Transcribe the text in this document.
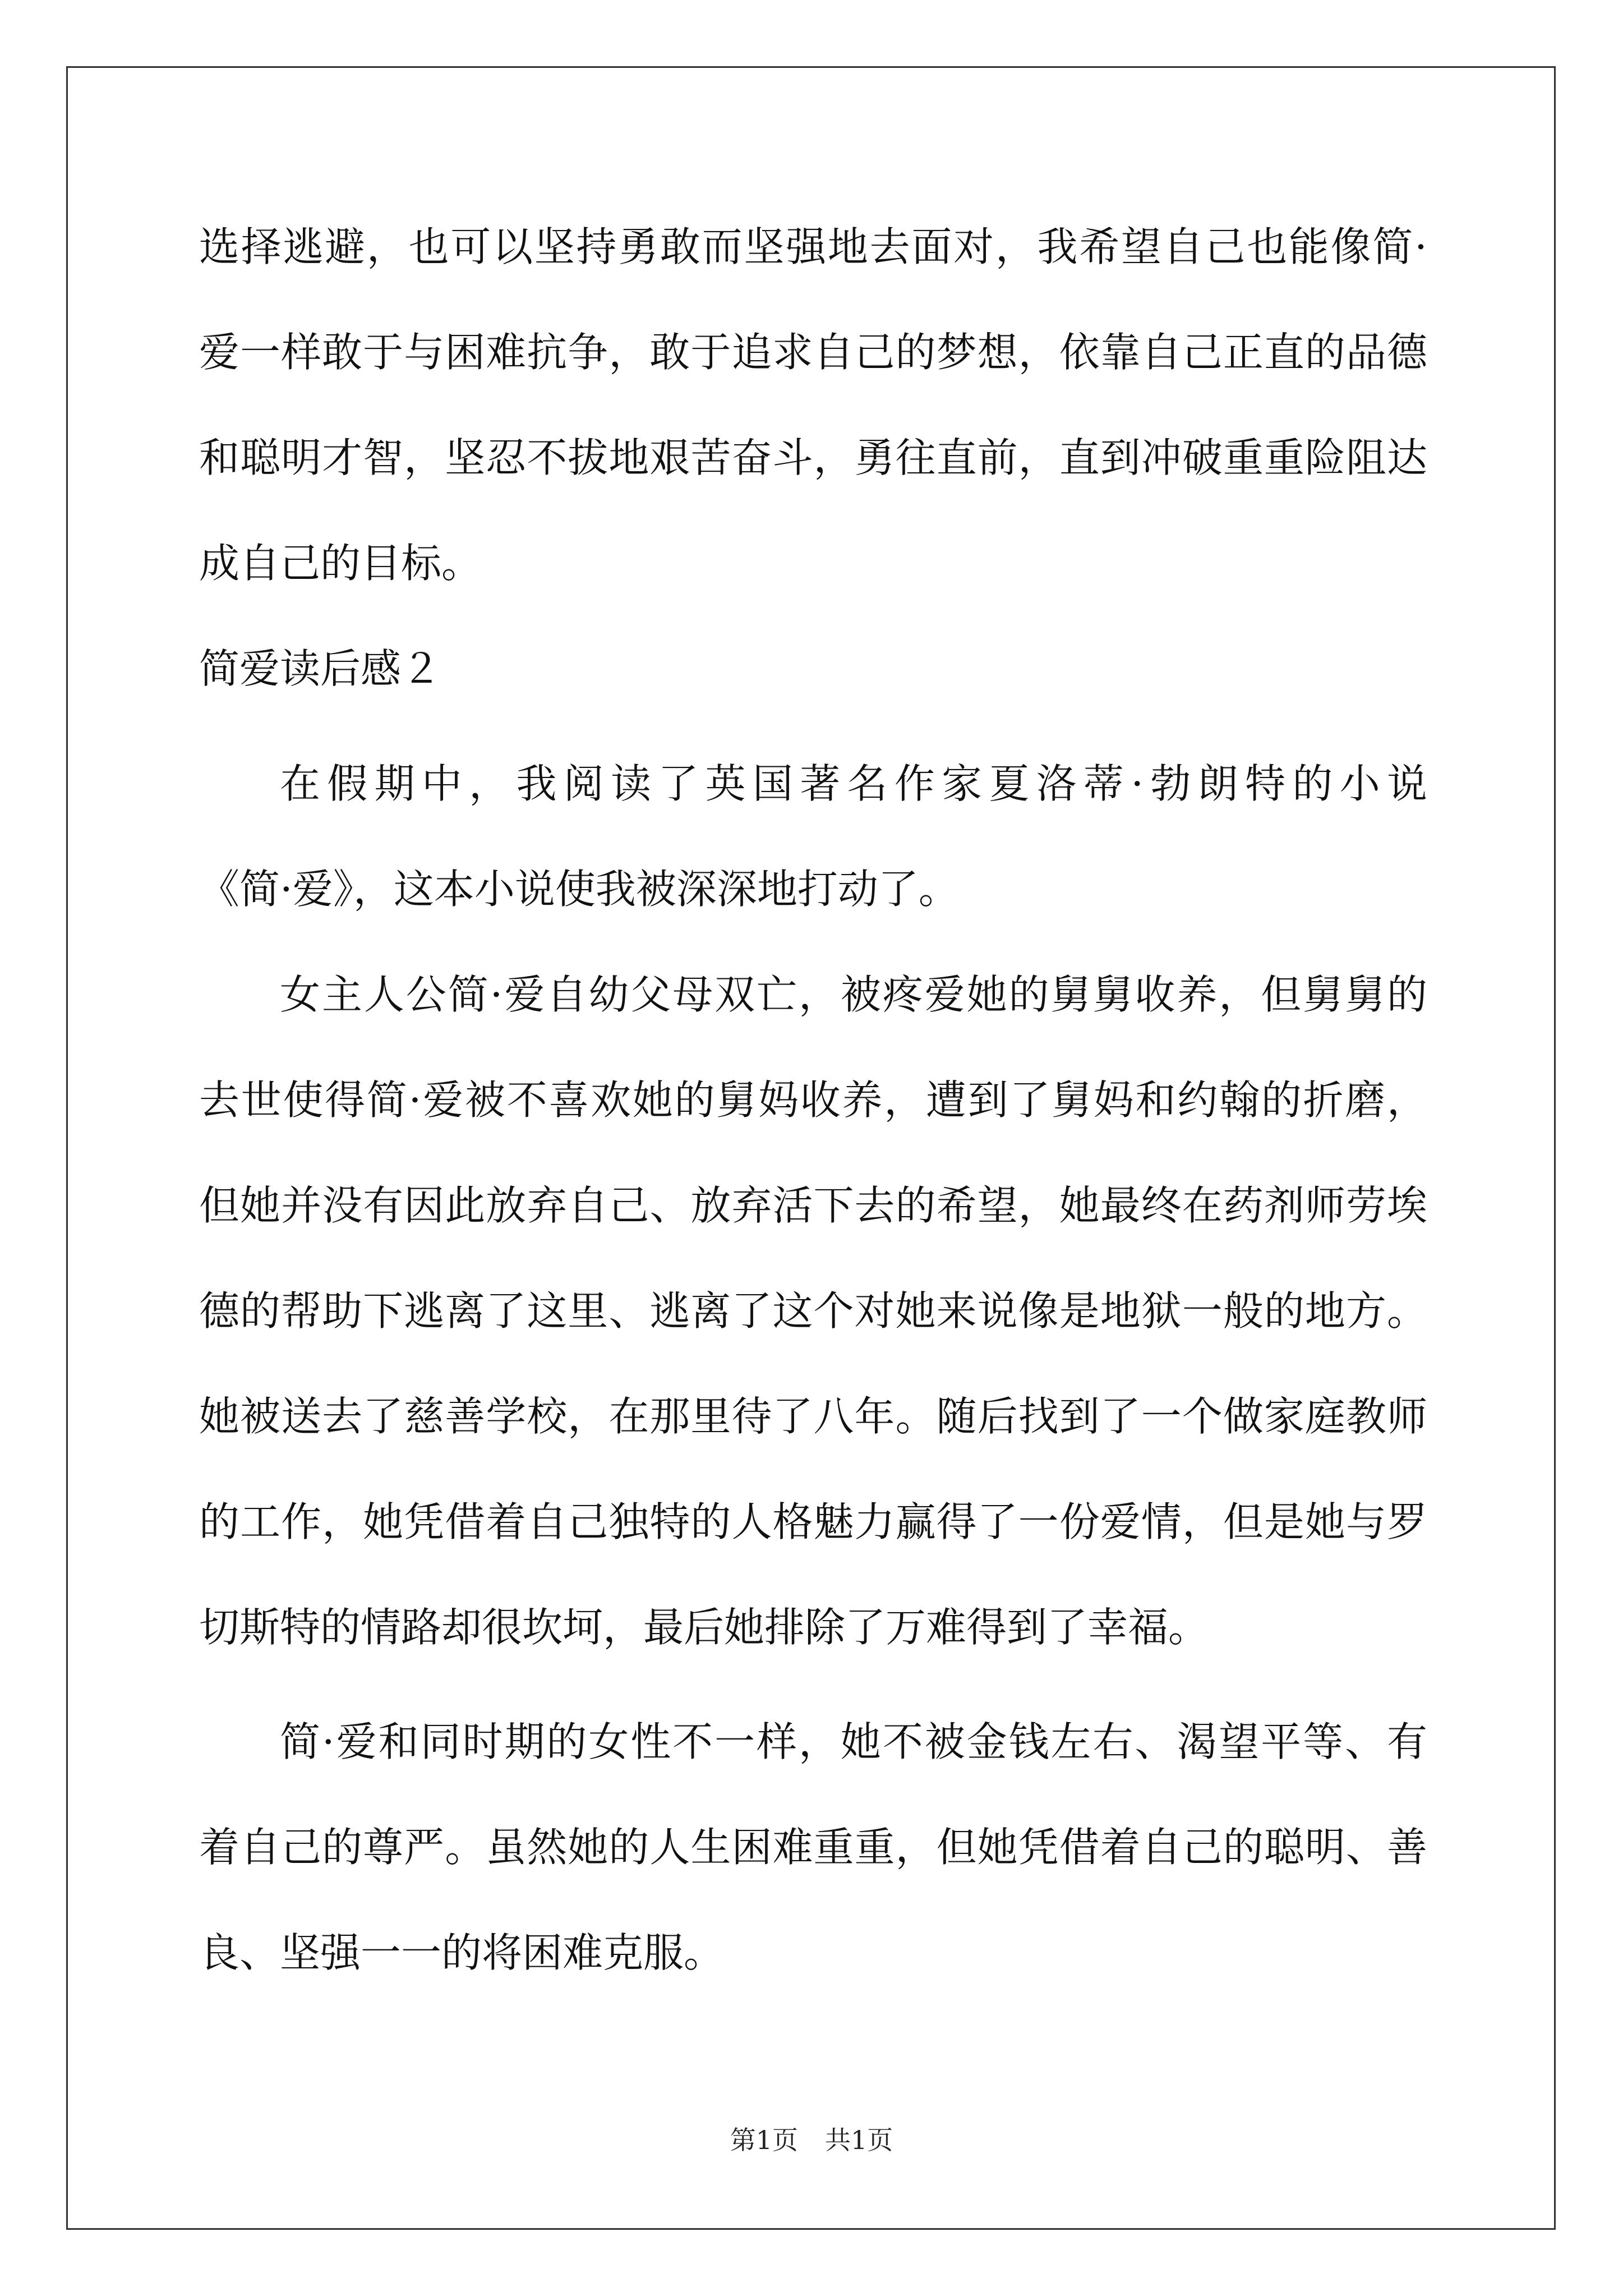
选择逃避，也可以坚持勇敢而坚强地去面对，我希望自己也能像简·
爱一样敢于与困难抗争，敢于追求自己的梦想，依靠自己正直的品德
和聪明才智，坚忍不拔地艰苦奋斗，勇往直前，直到冲破重重险阻达
成自己的目标。
简爱读后感２
在假期中，我阅读了英国著名作家夏洛蒂·勃朗特的小说
《简·爱》，这本小说使我被深深地打动了。
女主人公简·爱自幼父母双亡，被疼爱她的舅舅收养，但舅舅的
去世使得简·爱被不喜欢她的舅妈收养，遭到了舅妈和约翰的折磨，
但她并没有因此放弃自己、放弃活下去的希望，她最终在药剂师劳埃
德的帮助下逃离了这里、逃离了这个对她来说像是地狱一般的地方。
她被送去了慈善学校，在那里待了八年。随后找到了一个做家庭教师
的工作，她凭借着自己独特的人格魅力赢得了一份爱情，但是她与罗
切斯特的情路却很坎坷，最后她排除了万难得到了幸福。
简·爱和同时期的女性不一样，她不被金钱左右、渴望平等、有
着自己的尊严。虽然她的人生困难重重，但她凭借着自己的聪明、善
良、坚强一一的将困难克服。
第1页 共1页
